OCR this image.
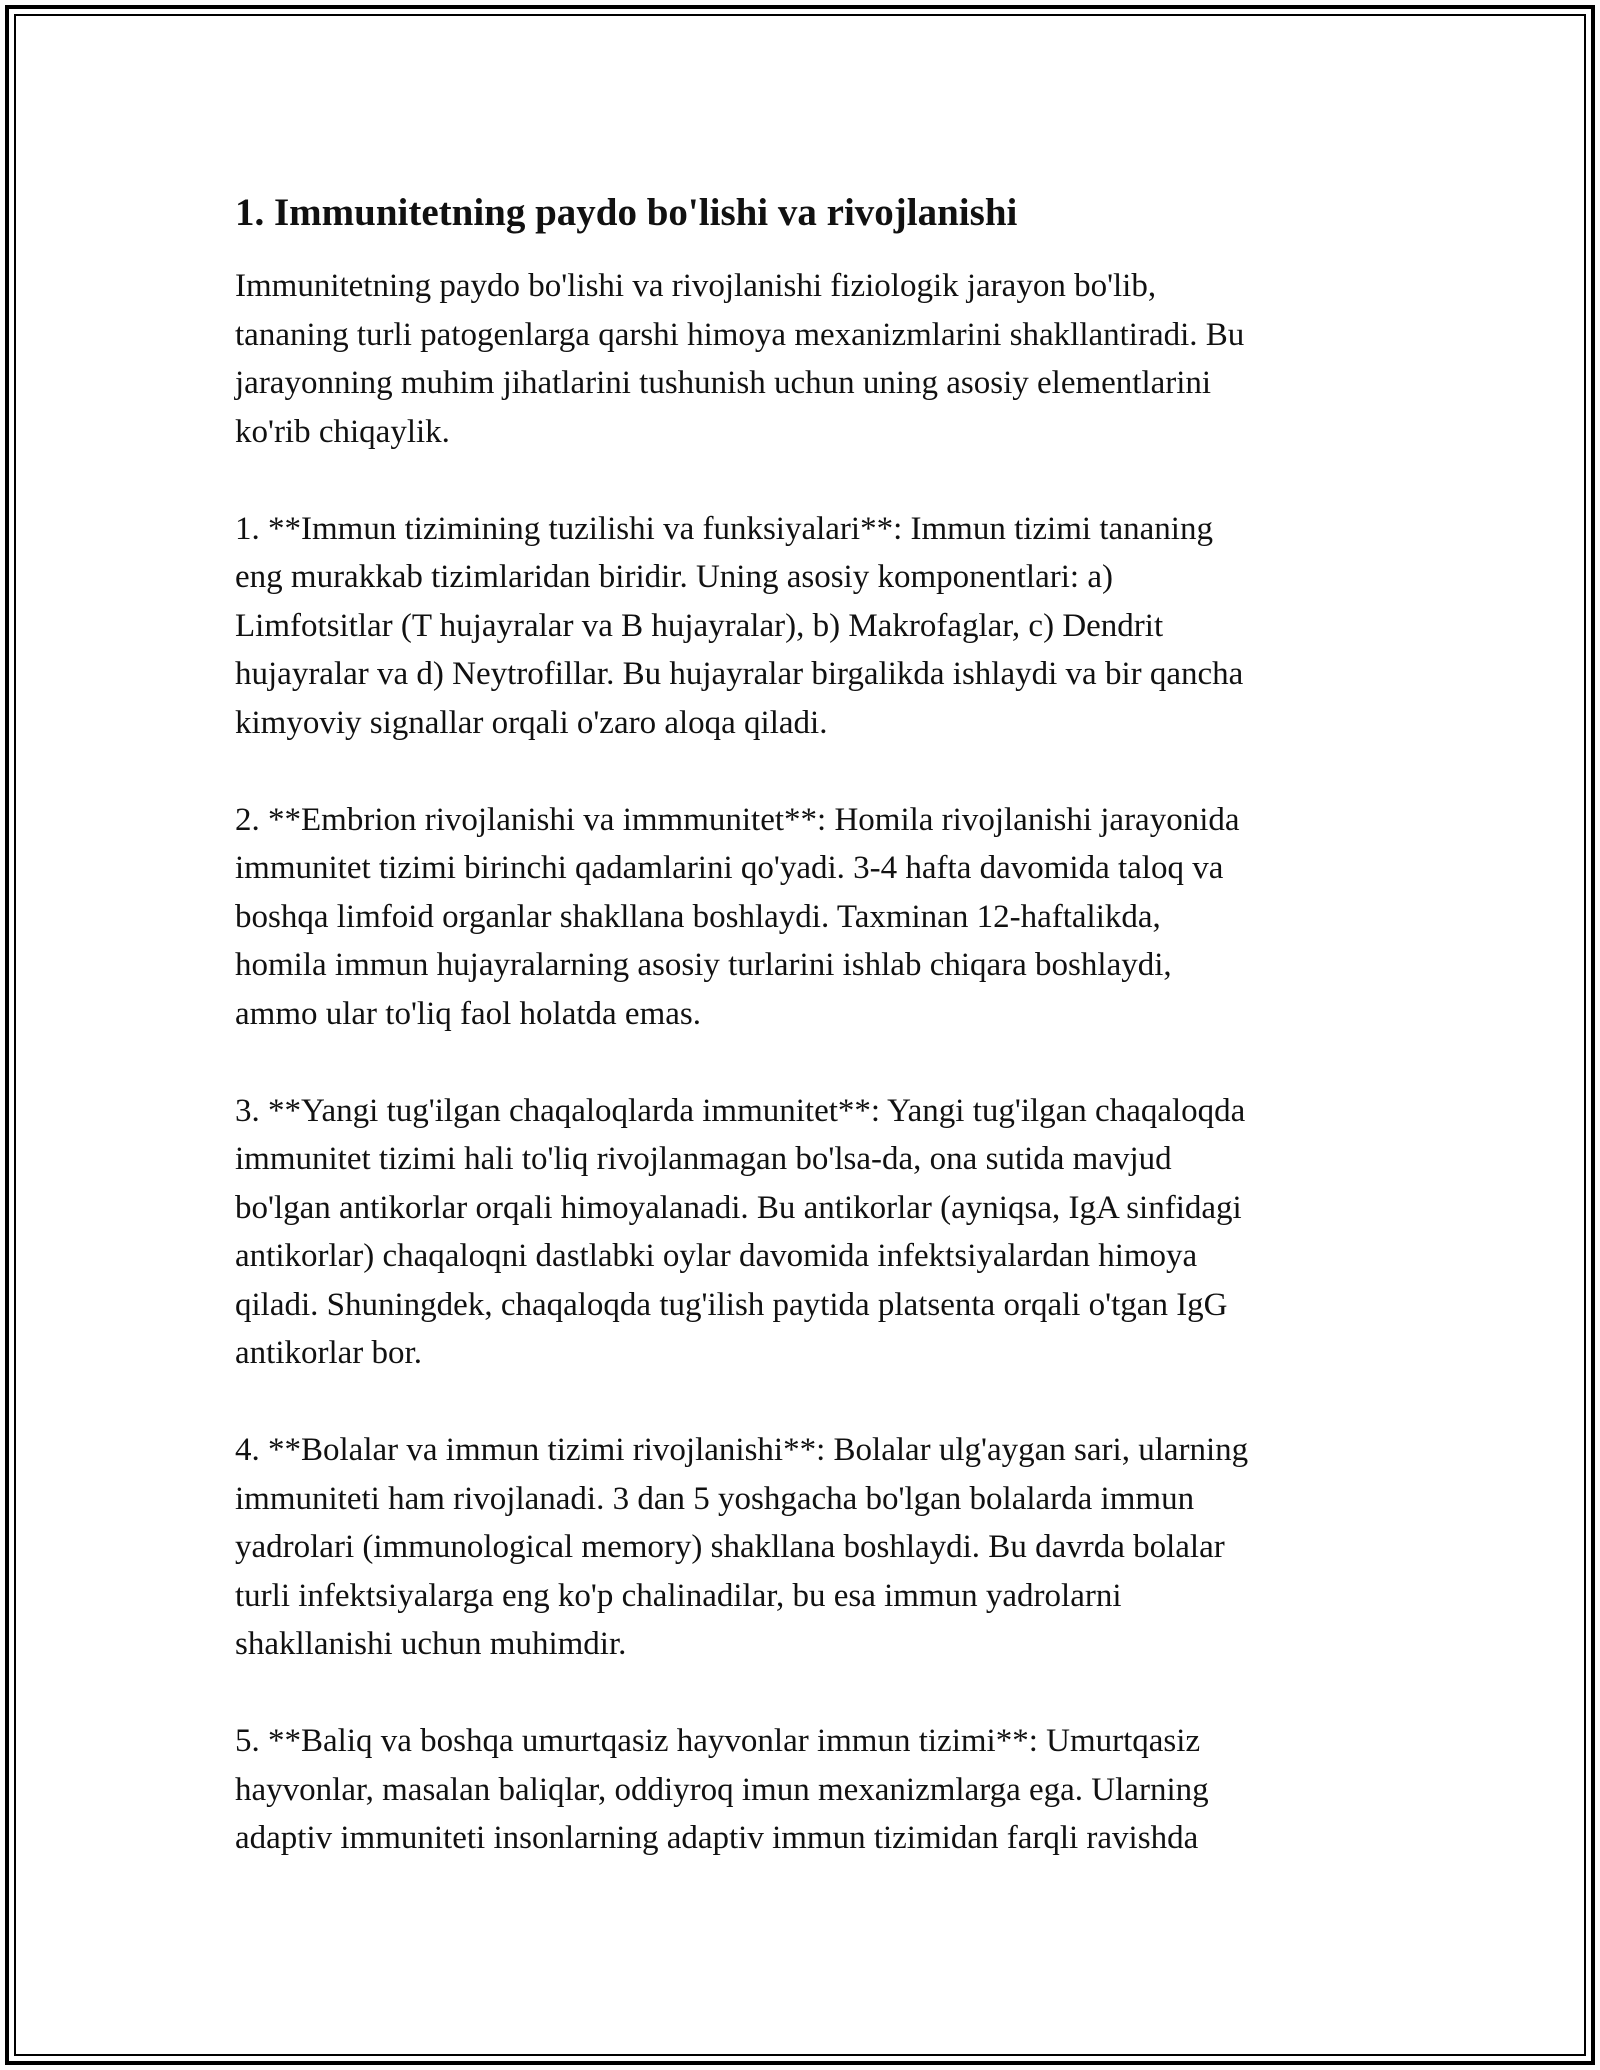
1. Immunitetning paydo bo'lishi va rivojlanishi

Immunitetning paydo bo'lishi va rivojlanishi fiziologik jarayon bo'lib,
tananing turli patogenlarga qarshi himoya mexanizmlarini shakllantiradi. Bu
jarayonning muhim jihatlarini tushunish uchun uning asosiy elementlarini
ko'rib chiqaylik.

1. **Immun tizimining tuzilishi va funksiyalari**: Immun tizimi tananing
eng murakkab tizimlaridan biridir. Uning asosiy komponentlari: a)
Limfotsitlar (T hujayralar va B hujayralar), b) Makrofaglar, c) Dendrit
hujayralar va d) Neytrofillar. Bu hujayralar birgalikda ishlaydi va bir qancha
kimyoviy signallar orqali o'zaro aloqa qiladi.

2. **Embrion rivojlanishi va immmunitet**: Homila rivojlanishi jarayonida
immunitet tizimi birinchi qadamlarini qo'yadi. 3-4 hafta davomida taloq va
boshqa limfoid organlar shakllana boshlaydi. Taxminan 12-haftalikda,
homila immun hujayralarning asosiy turlarini ishlab chiqara boshlaydi,
ammo ular to'liq faol holatda emas.

3. **Yangi tug'ilgan chaqaloqlarda immunitet**: Yangi tug'ilgan chaqaloqda
immunitet tizimi hali to'liq rivojlanmagan bo'lsa-da, ona sutida mavjud
bo'lgan antikorlar orqali himoyalanadi. Bu antikorlar (ayniqsa, IgA sinfidagi
antikorlar) chaqaloqni dastlabki oylar davomida infektsiyalardan himoya
qiladi. Shuningdek, chaqaloqda tug'ilish paytida platsenta orqali o'tgan IgG
antikorlar bor.

4. **Bolalar va immun tizimi rivojlanishi**: Bolalar ulg'aygan sari, ularning
immuniteti ham rivojlanadi. 3 dan 5 yoshgacha bo'lgan bolalarda immun
yadrolari (immunological memory) shakllana boshlaydi. Bu davrda bolalar
turli infektsiyalarga eng ko'p chalinadilar, bu esa immun yadrolarni
shakllanishi uchun muhimdir.

5. **Baliq va boshqa umurtqasiz hayvonlar immun tizimi**: Umurtqasiz
hayvonlar, masalan baliqlar, oddiyroq imun mexanizmlarga ega. Ularning
adaptiv immuniteti insonlarning adaptiv immun tizimidan farqli ravishda
